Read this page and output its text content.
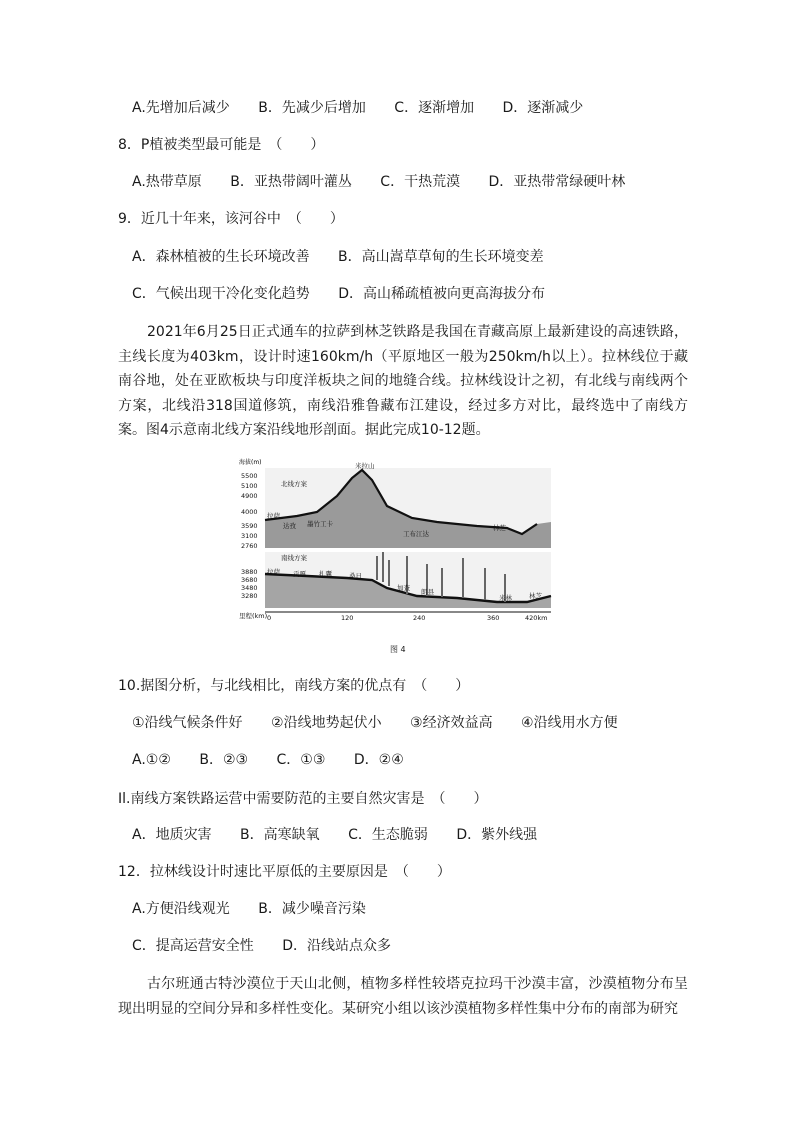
A.先增加后减少 B．先减少后增加 C．逐渐增加 D．逐渐减少
8．P植被类型最可能是　（　　）
A.热带草原 B．亚热带阔叶灌丛 C．干热荒漠 D．亚热带常绿硬叶林
9．近几十年来，该河谷中　（　　）
A．森林植被的生长环境改善 B．高山嵩草草甸的生长环境变差
C．气候出现干冷化变化趋势 D．高山稀疏植被向更高海拔分布
2021年6月25日正式通车的拉萨到林芝铁路是我国在青藏高原上最新建设的高速铁路，主线长度为403km，设计时速160km/h（平原地区一般为250km/h以上）。拉林线位于藏南谷地，处在亚欧板块与印度洋板块之间的地缝合线。拉林线设计之初，有北线与南线两个方案，北线沿318国道修筑，南线沿雅鲁藏布江建设，经过多方对比，最终选中了南线方案。图4示意南北线方案沿线地形剖面。据此完成10-12题。
海拔(m)
5500
5100
4900
4000
3590
3100
2760
3880
3680
3480
3280
北线方案
拉萨
达孜 墨竹工卡
米拉山
工布江达
林芝
南线方案
拉萨 贡嘎 扎囊	桑日
加查 朗县
米林	林芝
里程(km) 0	120	240	360	420km
图 4
10.据图分析，与北线相比，南线方案的优点有　（　　）
①沿线气候条件好 ②沿线地势起伏小 ③经济效益高 ④沿线用水方便
A.①② B．②③ C．①③ D．②④
Il.南线方案铁路运营中需要防范的主要自然灾害是　（　　）
A．地质灾害 B．高寒缺氧 C．生态脆弱 D．紫外线强
12．拉林线设计时速比平原低的主要原因是　（　　）
A.方便沿线观光 B．减少噪音污染
C．提高运营安全性 D．沿线站点众多
古尔班通古特沙漠位于天山北侧，植物多样性较塔克拉玛干沙漠丰富，沙漠植物分布呈现出明显的空间分异和多样性变化。某研究小组以该沙漠植物多样性集中分布的南部为研究
